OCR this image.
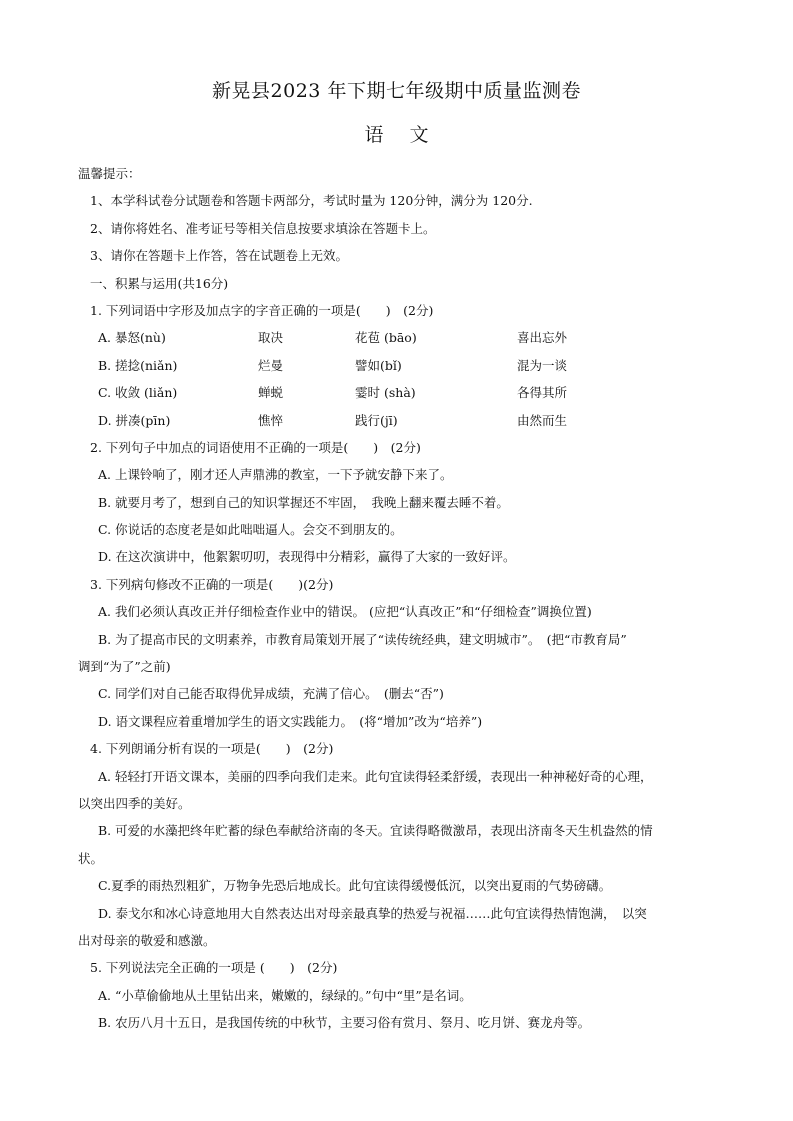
新晃县2023 年下期七年级期中质量监测卷
语 文
温馨提示：
1、本学科试卷分试题卷和答题卡两部分，考试时量为 120分钟，满分为 120分.
2、请你将姓名、准考证号等相关信息按要求填涂在答题卡上。
3、请你在答题卡上作答，答在试题卷上无效。
一、积累与运用(共16分)
1. 下列词语中字形及加点字的字音正确的一项是(　　)　(2分)
A. 暴怒(nù)	取决	花苞 (bāo)	喜出忘外
B. 搓捻(niǎn)	烂曼	譬如(bǐ)	混为一谈
C. 收敛 (liǎn)	蝉蜕	霎时 (shà)	各得其所
D. 拼凑(pīn)	憔悴	践行(jī)	由然而生
2. 下列句子中加点的词语使用不正确的一项是(　　)　(2分)
A. 上课铃响了，刚才还人声鼎沸的教室，一下予就安静下来了。
B. 就要月考了，想到自己的知识掌握还不牢固，　我晚上翻来覆去睡不着。
C. 你说话的态度老是如此咄咄逼人。会交不到朋友的。
D. 在这次演讲中，他絮絮叨叨，表现得中分精彩，赢得了大家的一致好评。
3. 下列病句修改不正确的一项是(　　)(2分)
A. 我们必须认真改正并仔细检查作业中的错误。 (应把“认真改正”和“仔细检查”调换位置)
B. 为了提高市民的文明素养，市教育局策划开展了“读传统经典，建文明城市”。　(把“市教育局”
调到“为了”之前)
C. 同学们对自己能否取得优异成绩，充满了信心。　(删去“否”)
D. 语文课程应着重增加学生的语文实践能力。　(将“增加”改为“培养”)
4. 下列朗诵分析有误的一项是(　　)　(2分)
A. 轻轻打开语文课本，美丽的四季向我们走来。此句宜读得轻柔舒缓，表现出一种神秘好奇的心理，
以突出四季的美好。
B. 可爱的水藻把终年贮蓄的绿色奉献给济南的冬天。宜读得略微激昂，表现出济南冬天生机盎然的情
状。
C.夏季的雨热烈粗犷，万物争先恐后地成长。此句宜读得缓慢低沉，以突出夏雨的气势磅礴。
D. 泰戈尔和冰心诗意地用大自然表达出对母亲最真挚的热爱与祝福……此句宜读得热情饱满，　以突
出对母亲的敬爱和感激。
5. 下列说法完全正确的一项是 (　　)　(2分)
A. “小草偷偷地从土里钻出来，嫩嫩的，绿绿的。”句中“里”是名词。
B. 农历八月十五日，是我国传统的中秋节，主要习俗有赏月、祭月、吃月饼、赛龙舟等。
